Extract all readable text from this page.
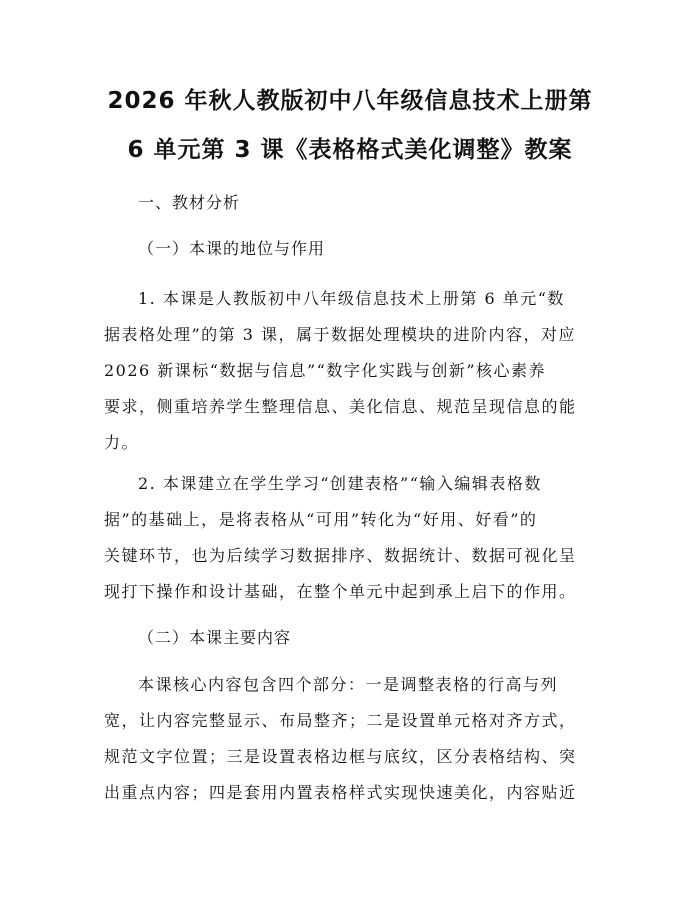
2026 年秋人教版初中八年级信息技术上册第
6 单元第 3 课《表格格式美化调整》教案
一、教材分析
（一）本课的地位与作用
1. 本课是人教版初中八年级信息技术上册第 6 单元“数
据表格处理”的第 3 课，属于数据处理模块的进阶内容，对应
2026 新课标“数据与信息”“数字化实践与创新”核心素养
要求，侧重培养学生整理信息、美化信息、规范呈现信息的能
力。
2. 本课建立在学生学习“创建表格”“输入编辑表格数
据”的基础上，是将表格从“可用”转化为“好用、好看”的
关键环节，也为后续学习数据排序、数据统计、数据可视化呈
现打下操作和设计基础，在整个单元中起到承上启下的作用。
（二）本课主要内容
本课核心内容包含四个部分：一是调整表格的行高与列
宽，让内容完整显示、布局整齐；二是设置单元格对齐方式，
规范文字位置；三是设置表格边框与底纹，区分表格结构、突
出重点内容；四是套用内置表格样式实现快速美化，内容贴近
